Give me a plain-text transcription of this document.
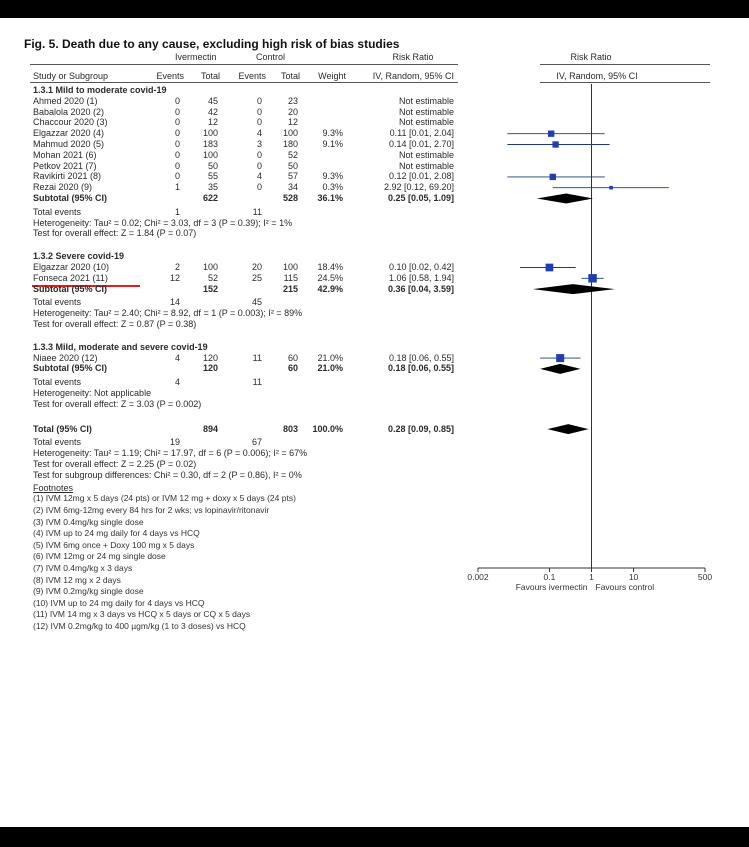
Fig. 5. Death due to any cause, excluding high risk of bias studies
Ivermectin	Control	Risk Ratio	Risk Ratio
Study or Subgroup	Events	Total	Events	Total	Weight	IV, Random, 95% CI	IV, Random, 95% CI
1.3.1 Mild to moderate covid-19
Ahmed 2020 (1)	0	45	0	23	Not estimable
Babalola 2020 (2)	0	42	0	20	Not estimable
Chaccour 2020 (3)	0	12	0	12	Not estimable
Elgazzar 2020 (4)	0	100	4	100	9.3%	0.11 [0.01, 2.04]
Mahmud 2020 (5)	0	183	3	180	9.1%	0.14 [0.01, 2.70]
Mohan 2021 (6)	0	100	0	52	Not estimable
Petkov 2021 (7)	0	50	0	50	Not estimable
Ravikirti 2021 (8)	0	55	4	57	9.3%	0.12 [0.01, 2.08]
Rezai 2020 (9)	1	35	0	34	0.3%	2.92 [0.12, 69.20]
Subtotal (95% CI)	622	528	36.1%	0.25 [0.05, 1.09]
Total events	1	11
Heterogeneity: Tau² = 0.02; Chi² = 3.03, df = 3 (P = 0.39); I² = 1%
Test for overall effect: Z = 1.84 (P = 0.07)
1.3.2 Severe covid-19
Elgazzar 2020 (10)	2	100	20	100	18.4%	0.10 [0.02, 0.42]
Fonseca 2021 (11)	12	52	25	115	24.5%	1.06 [0.58, 1.94]
Subtotal (95% CI)	152	215	42.9%	0.36 [0.04, 3.59]
Total events	14	45
Heterogeneity: Tau² = 2.40; Chi² = 8.92, df = 1 (P = 0.003); I² = 89%
Test for overall effect: Z = 0.87 (P = 0.38)
1.3.3 Mild, moderate and severe covid-19
Niaee 2020 (12)	4	120	11	60	21.0%	0.18 [0.06, 0.55]
Subtotal (95% CI)	120	60	21.0%	0.18 [0.06, 0.55]
Total events	4	11
Heterogeneity: Not applicable
Test for overall effect: Z = 3.03 (P = 0.002)
Total (95% CI)	894	803	100.0%	0.28 [0.09, 0.85]
Total events	19	67
Heterogeneity: Tau² = 1.19; Chi² = 17.97, df = 6 (P = 0.006); I² = 67%
Test for overall effect: Z = 2.25 (P = 0.02)
Test for subgroup differences: Chi² = 0.30, df = 2 (P = 0.86), I² = 0%
Footnotes
(1) IVM 12mg x 5 days (24 pts) or IVM 12 mg + doxy x 5 days (24 pts)
(2) IVM 6mg-12mg every 84 hrs for 2 wks; vs lopinavir/ritonavir
(3) IVM 0.4mg/kg single dose
(4) IVM up to 24 mg daily for 4 days vs HCQ
(5) IVM 6mg once + Doxy 100 mg x 5 days
(6) IVM 12mg or 24 mg single dose
(7) IVM 0.4mg/kg x 3 days
(8) IVM 12 mg x 2 days
(9) IVM 0.2mg/kg single dose
(10) IVM up to 24 mg daily for 4 days vs HCQ
(11) IVM 14 mg x 3 days vs HCQ x 5 days or CQ x 5 days
(12) IVM 0.2mg/kg to 400 µgm/kg (1 to 3 doses) vs HCQ
0.002	0.1	1	10	500
Favours ivermectin Favours control
